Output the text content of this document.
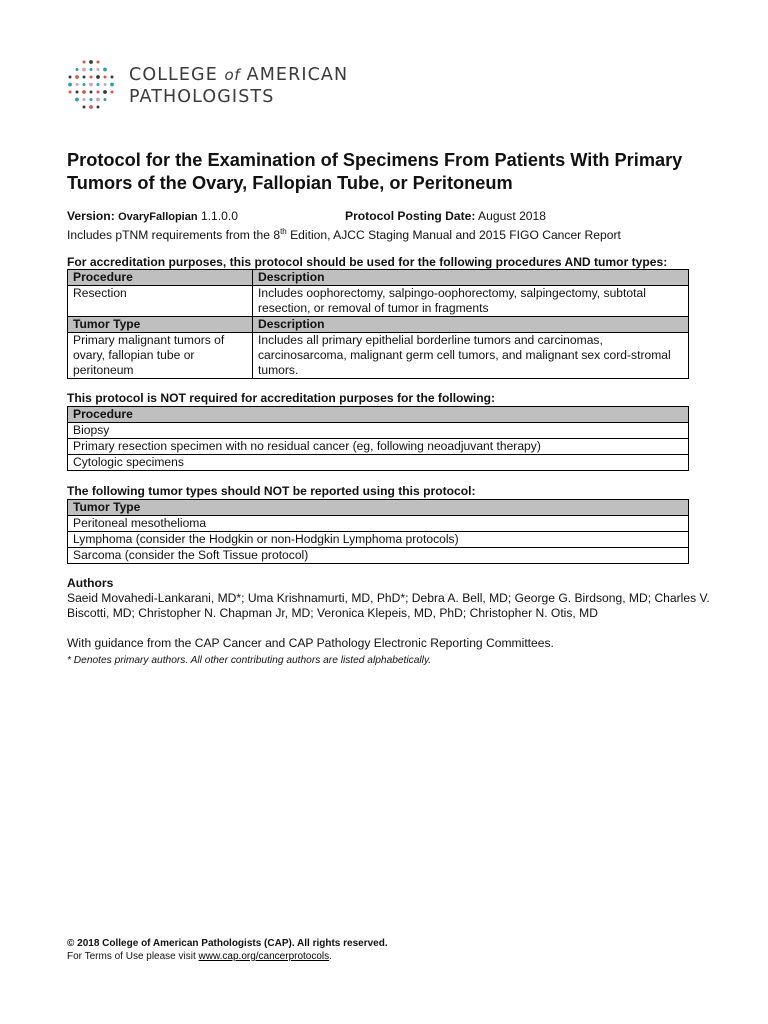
COLLEGE of AMERICAN
PATHOLOGISTS
Protocol for the Examination of Specimens From Patients With Primary Tumors of the Ovary, Fallopian Tube, or Peritoneum
Version: OvaryFallopian 1.1.0.0	Protocol Posting Date: August 2018
Includes pTNM requirements from the 8th Edition, AJCC Staging Manual and 2015 FIGO Cancer Report
For accreditation purposes, this protocol should be used for the following procedures AND tumor types:
Procedure	Description
Resection	Includes oophorectomy, salpingo-oophorectomy, salpingectomy, subtotal resection, or removal of tumor in fragments
Tumor Type	Description
Primary malignant tumors of ovary, fallopian tube or peritoneum	Includes all primary epithelial borderline tumors and carcinomas, carcinosarcoma, malignant germ cell tumors, and malignant sex cord-stromal tumors.
This protocol is NOT required for accreditation purposes for the following:
Procedure
Biopsy
Primary resection specimen with no residual cancer (eg, following neoadjuvant therapy)
Cytologic specimens
The following tumor types should NOT be reported using this protocol:
Tumor Type
Peritoneal mesothelioma
Lymphoma (consider the Hodgkin or non-Hodgkin Lymphoma protocols)
Sarcoma (consider the Soft Tissue protocol)
Authors
Saeid Movahedi-Lankarani, MD*; Uma Krishnamurti, MD, PhD*; Debra A. Bell, MD; George G. Birdsong, MD; Charles V. Biscotti, MD; Christopher N. Chapman Jr, MD; Veronica Klepeis, MD, PhD; Christopher N. Otis, MD
With guidance from the CAP Cancer and CAP Pathology Electronic Reporting Committees.
* Denotes primary authors. All other contributing authors are listed alphabetically.
© 2018 College of American Pathologists (CAP). All rights reserved.
For Terms of Use please visit www.cap.org/cancerprotocols.
